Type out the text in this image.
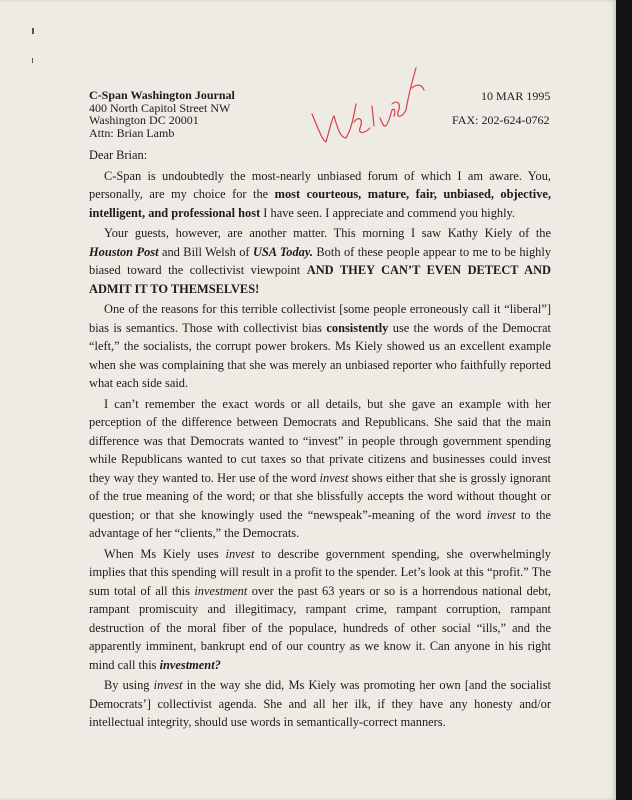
C-Span Washington Journal
400 North Capitol Street NW
Washington DC 20001
Attn: Brian Lamb
10 MAR 1995
FAX: 202-624-0762

Dear Brian:

C-Span is undoubtedly the most-nearly unbiased forum of which I am aware. You, personally, are my choice for the most courteous, mature, fair, unbiased, objective, intelligent, and professional host I have seen. I appreciate and commend you highly.

Your guests, however, are another matter. This morning I saw Kathy Kiely of the Houston Post and Bill Welsh of USA Today. Both of these people appear to me to be highly biased toward the collectivist viewpoint AND THEY CAN’T EVEN DETECT AND ADMIT IT TO THEMSELVES!

One of the reasons for this terrible collectivist [some people erroneously call it “liberal”] bias is semantics. Those with collectivist bias consistently use the words of the Democrat “left,” the socialists, the corrupt power brokers. Ms Kiely showed us an excellent example when she was complaining that she was merely an unbiased reporter who faithfully reported what each side said.

I can’t remember the exact words or all details, but she gave an example with her perception of the difference between Democrats and Republicans. She said that the main difference was that Democrats wanted to “invest” in people through government spending while Republicans wanted to cut taxes so that private citizens and businesses could invest they way they wanted to. Her use of the word invest shows either that she is grossly ignorant of the true meaning of the word; or that she blissfully accepts the word without thought or question; or that she knowingly used the “newspeak”-meaning of the word invest to the advantage of her “clients,” the Democrats.

When Ms Kiely uses invest to describe government spending, she overwhelmingly implies that this spending will result in a profit to the spender. Let’s look at this “profit.” The sum total of all this investment over the past 63 years or so is a horrendous national debt, rampant promiscuity and illegitimacy, rampant crime, rampant corruption, rampant destruction of the moral fiber of the populace, hundreds of other social “ills,” and the apparently imminent, bankrupt end of our country as we know it. Can anyone in his right mind call this investment?

By using invest in the way she did, Ms Kiely was promoting her own [and the socialist Democrats’] collectivist agenda. She and all her ilk, if they have any honesty and/or intellectual integrity, should use words in semantically-correct manners.
